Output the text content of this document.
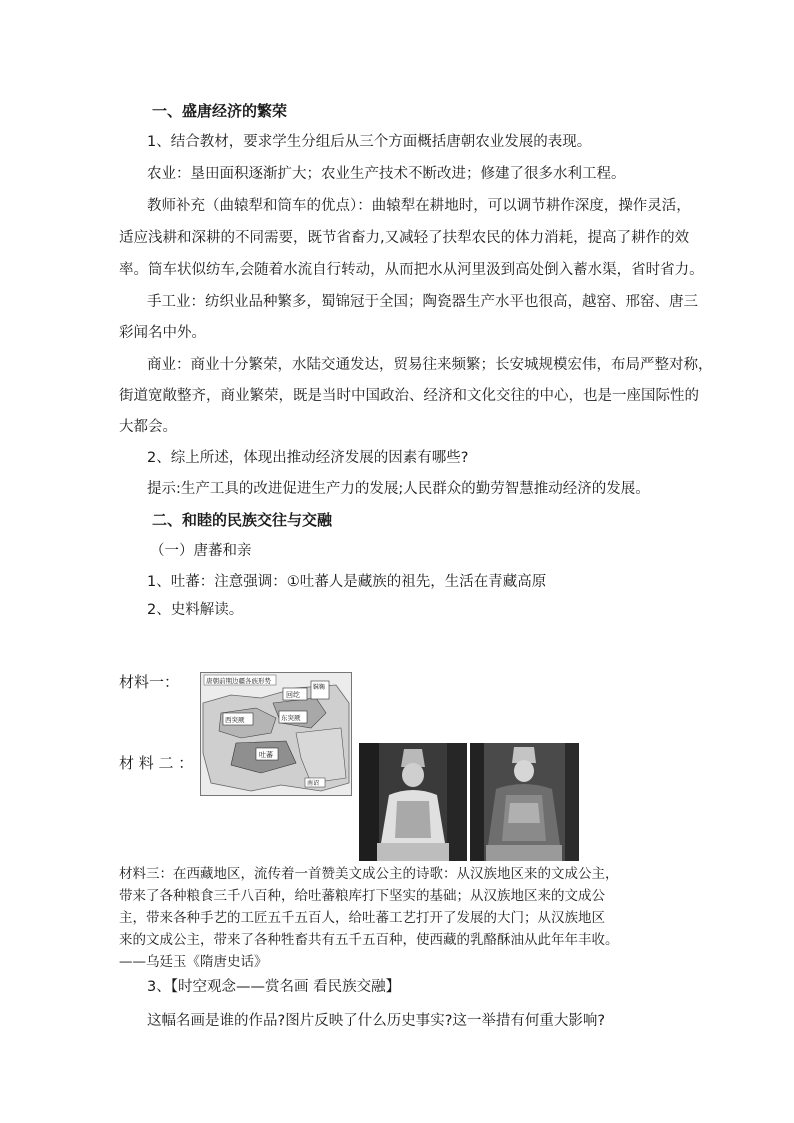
一、盛唐经济的繁荣
1、结合教材，要求学生分组后从三个方面概括唐朝农业发展的表现。
农业：垦田面积逐渐扩大；农业生产技术不断改进；修建了很多水利工程。
教师补充（曲辕犁和筒车的优点）：曲辕犁在耕地时，可以调节耕作深度，操作灵活，
适应浅耕和深耕的不同需要，既节省畜力,又减轻了扶犁农民的体力消耗，提高了耕作的效
率。筒车状似纺车,会随着水流自行转动，从而把水从河里汲到高处倒入蓄水渠，省时省力。
手工业：纺织业品种繁多，蜀锦冠于全国；陶瓷器生产水平也很高，越窑、邢窑、唐三
彩闻名中外。
商业：商业十分繁荣，水陆交通发达，贸易往来频繁；长安城规模宏伟，布局严整对称，
街道宽敞整齐，商业繁荣，既是当时中国政治、经济和文化交往的中心，也是一座国际性的
大都会。
2、综上所述，体现出推动经济发展的因素有哪些?
提示:生产工具的改进促进生产力的发展;人民群众的勤劳智慧推动经济的发展。
二、和睦的民族交往与交融
（一）唐蕃和亲
1、吐蕃：注意强调：①吐蕃人是藏族的祖先，生活在青藏高原
2、史料解读。
材料一：
材 料 二 ：
唐朝前期边疆各族形势
回纥
靺鞨
西突厥	东突厥
吐蕃
南诏
材料三：在西藏地区，流传着一首赞美文成公主的诗歌：从汉族地区来的文成公主，
带来了各种粮食三千八百种，给吐蕃粮库打下坚实的基础；从汉族地区来的文成公
主，带来各种手艺的工匠五千五百人，给吐蕃工艺打开了发展的大门；从汉族地区
来的文成公主，带来了各种牲畜共有五千五百种，使西藏的乳酪酥油从此年年丰收。
——乌廷玉《隋唐史话》
3、【时空观念——赏名画 看民族交融】
这幅名画是谁的作品?图片反映了什么历史事实?这一举措有何重大影响?
